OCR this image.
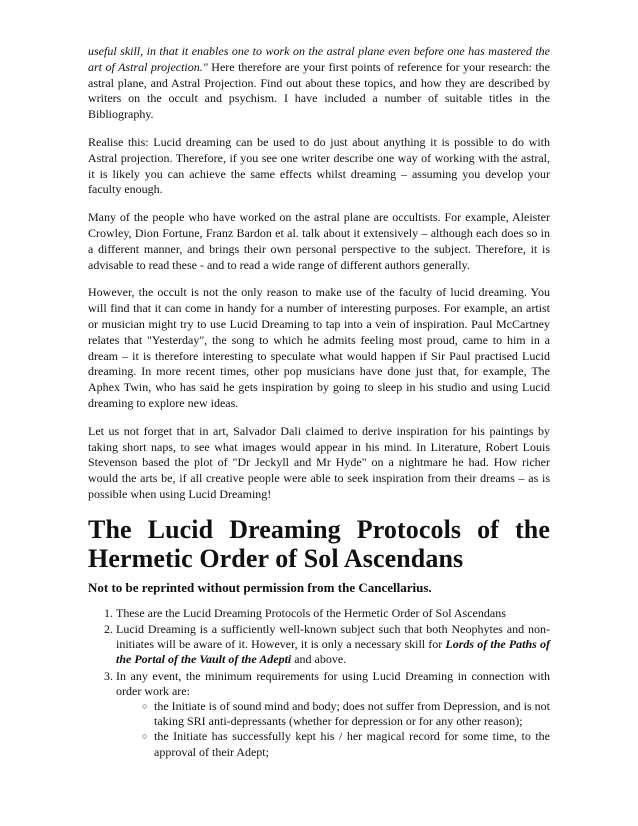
useful skill, in that it enables one to work on the astral plane even before one has mastered the art of Astral projection." Here therefore are your first points of reference for your research: the astral plane, and Astral Projection. Find out about these topics, and how they are described by writers on the occult and psychism. I have included a number of suitable titles in the Bibliography.

Realise this: Lucid dreaming can be used to do just about anything it is possible to do with Astral projection. Therefore, if you see one writer describe one way of working with the astral, it is likely you can achieve the same effects whilst dreaming – assuming you develop your faculty enough.

Many of the people who have worked on the astral plane are occultists. For example, Aleister Crowley, Dion Fortune, Franz Bardon et al. talk about it extensively – although each does so in a different manner, and brings their own personal perspective to the subject. Therefore, it is advisable to read these - and to read a wide range of different authors generally.

However, the occult is not the only reason to make use of the faculty of lucid dreaming. You will find that it can come in handy for a number of interesting purposes. For example, an artist or musician might try to use Lucid Dreaming to tap into a vein of inspiration. Paul McCartney relates that "Yesterday", the song to which he admits feeling most proud, came to him in a dream – it is therefore interesting to speculate what would happen if Sir Paul practised Lucid dreaming. In more recent times, other pop musicians have done just that, for example, The Aphex Twin, who has said he gets inspiration by going to sleep in his studio and using Lucid dreaming to explore new ideas.

Let us not forget that in art, Salvador Dali claimed to derive inspiration for his paintings by taking short naps, to see what images would appear in his mind. In Literature, Robert Louis Stevenson based the plot of "Dr Jeckyll and Mr Hyde" on a nightmare he had. How richer would the arts be, if all creative people were able to seek inspiration from their dreams – as is possible when using Lucid Dreaming!

The Lucid Dreaming Protocols of the Hermetic Order of Sol Ascendans
Not to be reprinted without permission from the Cancellarius.
1. These are the Lucid Dreaming Protocols of the Hermetic Order of Sol Ascendans
2. Lucid Dreaming is a sufficiently well-known subject such that both Neophytes and non-initiates will be aware of it. However, it is only a necessary skill for Lords of the Paths of the Portal of the Vault of the Adepti and above.
3. In any event, the minimum requirements for using Lucid Dreaming in connection with order work are:
○ the Initiate is of sound mind and body; does not suffer from Depression, and is not taking SRI anti-depressants (whether for depression or for any other reason);
○ the Initiate has successfully kept his / her magical record for some time, to the approval of their Adept;
